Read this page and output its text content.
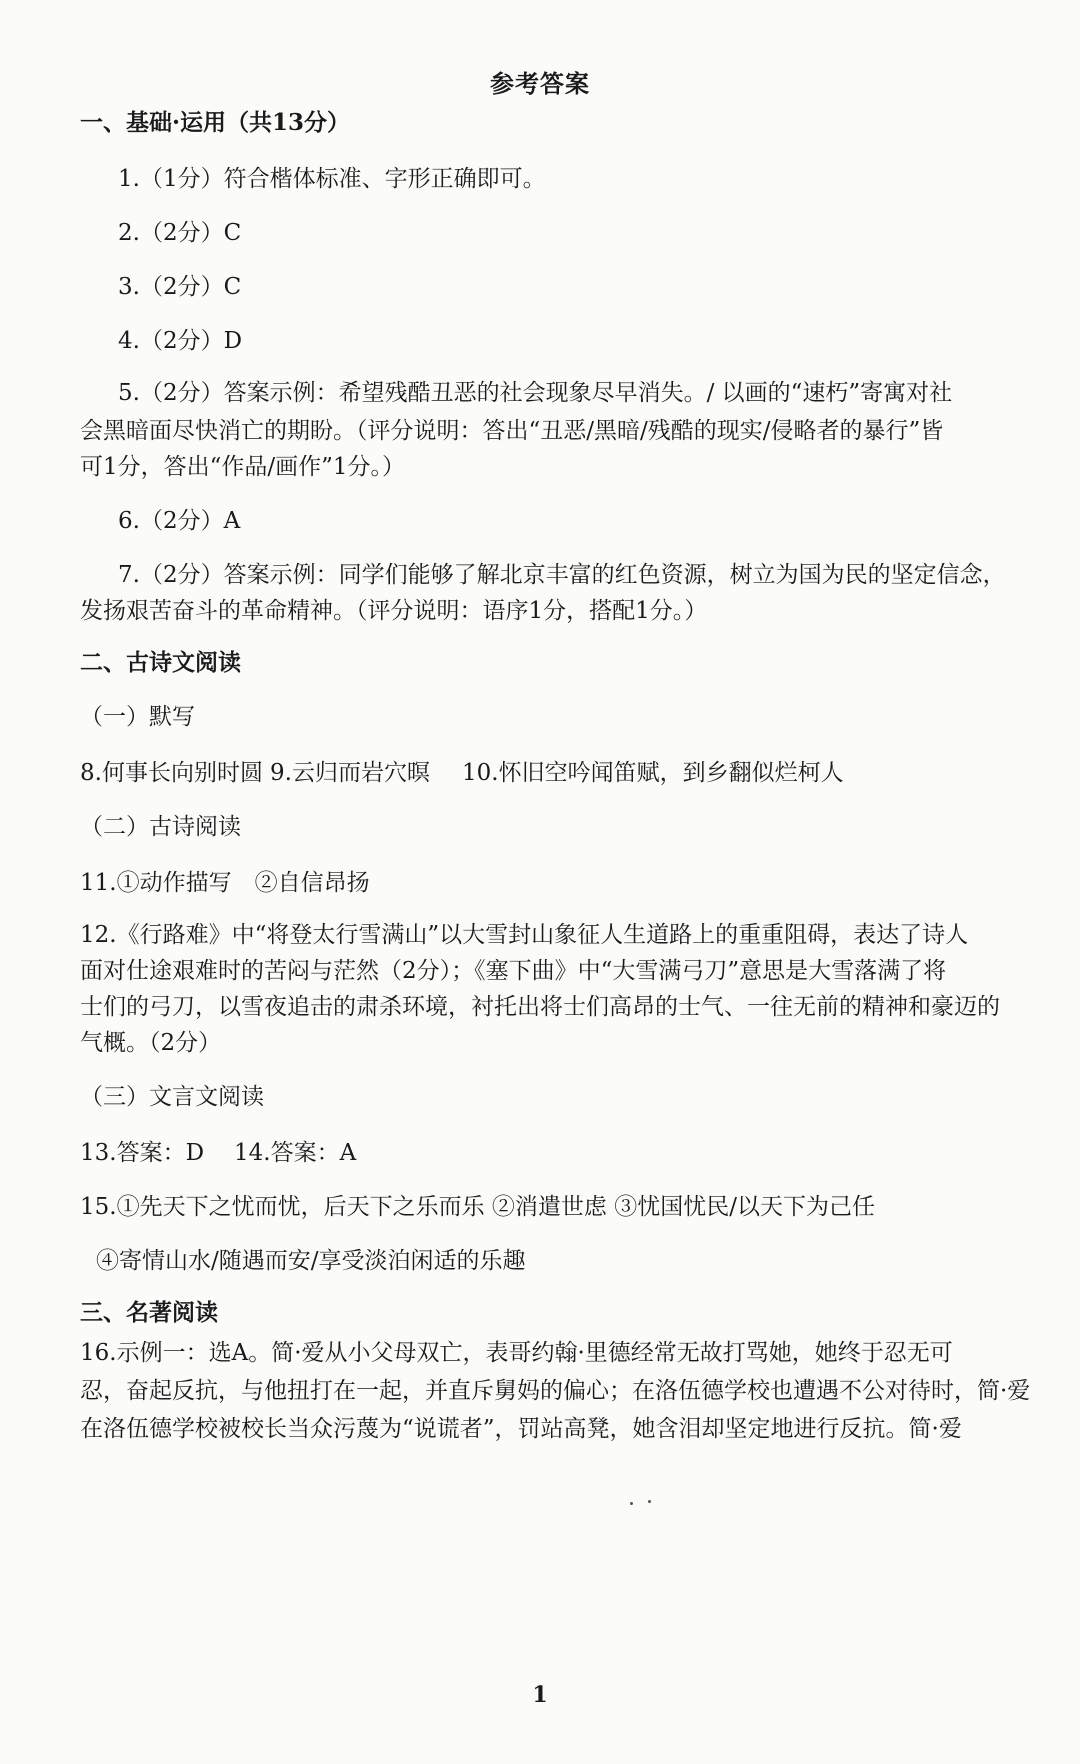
参考答案
一、基础·运用（共13分）
1.（1分）符合楷体标准、字形正确即可。
2.（2分）C
3.（2分）C
4.（2分）D
5.（2分）答案示例：希望残酷丑恶的社会现象尽早消失。/ 以画的“速朽”寄寓对社
会黑暗面尽快消亡的期盼。（评分说明：答出“丑恶/黑暗/残酷的现实/侵略者的暴行”皆
可1分，答出“作品/画作”1分。）
6.（2分）A
7.（2分）答案示例：同学们能够了解北京丰富的红色资源，树立为国为民的坚定信念，
发扬艰苦奋斗的革命精神。（评分说明：语序1分，搭配1分。）
二、古诗文阅读
（一）默写
8.何事长向别时圆 9.云归而岩穴暝 10.怀旧空吟闻笛赋，到乡翻似烂柯人
（二）古诗阅读
11.①动作描写　②自信昂扬
12.《行路难》中“将登太行雪满山”以大雪封山象征人生道路上的重重阻碍，表达了诗人
面对仕途艰难时的苦闷与茫然（2分）；《塞下曲》中“大雪满弓刀”意思是大雪落满了将
士们的弓刀，以雪夜追击的肃杀环境，衬托出将士们高昂的士气、一往无前的精神和豪迈的
气概。（2分）
（三）文言文阅读
13.答案：D 14.答案：A
15.①先天下之忧而忧，后天下之乐而乐 ②消遣世虑 ③忧国忧民/以天下为己任
④寄情山水/随遇而安/享受淡泊闲适的乐趣
三、名著阅读
16.示例一：选A。简·爱从小父母双亡，表哥约翰·里德经常无故打骂她，她终于忍无可
忍，奋起反抗，与他扭打在一起，并直斥舅妈的偏心；在洛伍德学校也遭遇不公对待时，简·爱
在洛伍德学校被校长当众污蔑为“说谎者”，罚站高凳，她含泪却坚定地进行反抗。简·爱
1
